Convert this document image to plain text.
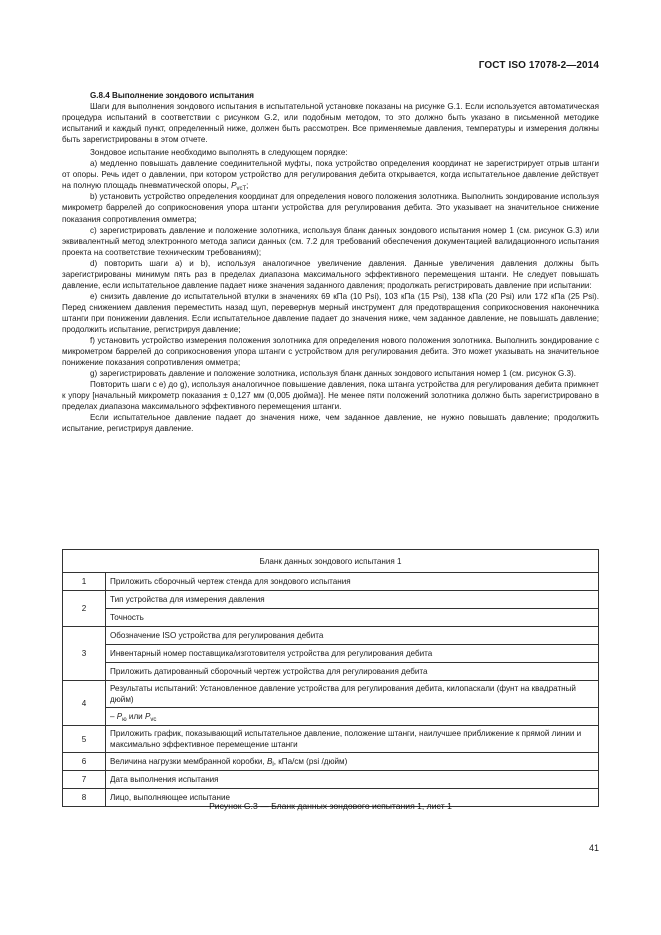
ГОСТ ISO 17078-2—2014

G.8.4 Выполнение зондового испытания

Шаги для выполнения зондового испытания в испытательной установке показаны на рисунке G.1. Если используется автоматическая процедура испытаний в соответствии с рисунком G.2, или подобным методом, то это должно быть указано в письменной методике испытаний и каждый пункт, определенный ниже, должен быть рассмотрен. Все применяемые давления, температуры и измерения должны быть зарегистрированы в этом отчете.

Зондовое испытание необходимо выполнять в следующем порядке:

а) медленно повышать давление соединительной муфты, пока устройство определения координат не зарегистрирует отрыв штанги от опоры. Речь идет о давлении, при котором устройство для регулирования дебита открывается, когда испытательное давление действует на полную площадь пневматической опоры, $P_{vcT}$;

b) установить устройство определения координат для определения нового положения золотника. Выполнить зондирование используя микрометр баррелей до соприкосновения упора штанги устройства для регулирования дебита. Это указывает на значительное снижение показания сопротивления омметра;

с) зарегистрировать давление и положение золотника, используя бланк данных зондового испытания номер 1 (см. рисунок G.3) или эквивалентный метод электронного метода записи данных (см. 7.2 для требований обеспечения документацией валидационного испытания проекта на соответствие техническим требованиям);

d) повторить шаги а) и b), используя аналогичное увеличение давления. Данные увеличения давления должны быть зарегистрированы минимум пять раз в пределах диапазона максимального эффективного перемещения штанги. Не следует повышать давление, если испытательное давление падает ниже значения заданного давления; продолжать регистрировать давление при испытании:

е) снизить давление до испытательной втулки в значениях 69 кПа (10 Psi), 103 кПа (15 Psi), 138 кПа (20 Psi) или 172 кПа (25 Psi). Перед снижением давления переместить назад щуп, перевернув мерный инструмент для предотвращения соприкосновения наконечника штанги при понижении давления. Если испытательное давление падает до значения ниже, чем заданное давление, не повышать давление; продолжить испытание, регистрируя давление;

f) установить устройство измерения положения золотника для определения нового положения золотника. Выполнить зондирование с микрометром баррелей до соприкосновения упора штанги с устройством для регулирования дебита. Это может указывать на значительное понижение показания сопротивления омметра;

g) зарегистрировать давление и положение золотника, используя бланк данных зондового испытания номер 1 (см. рисунок G.3).

Повторить шаги с е) до g), используя аналогичное повышение давления, пока штанга устройства для регулирования дебита примкнет к упору [начальный микрометр показания ± 0,127 мм (0,005 дюйма)]. Не менее пяти положений золотника должно быть зарегистрировано в пределах диапазона максимального эффективного перемещения штанги.

Если испытательное давление падает до значения ниже, чем заданное давление, не нужно повышать давление; продолжить испытание, регистрируя давление.

Бланк данных зондового испытания 1	
1	Приложить сборочный чертеж стенда для зондового испытания
2	Тип устройства для измерения давления
	Точность
3	Обозначение ISO устройства для регулирования дебита
	Инвентарный номер поставщика/изготовителя устройства для регулирования дебита
	Приложить датированный сборочный чертеж устройства для регулирования дебита
4	Результаты испытаний: Установленное давление устройства для регулирования дебита, килопаскали (фунт на квадратный дюйм)
	– $P_ю$ или $P_{vc}$
5	Приложить график, показывающий испытательное давление, положение штанги, наилучшее приближение к прямой линии и максимально эффективное перемещение штанги
6	Величина нагрузки мембранной коробки, $B_l$, кПа/см (psi /дюйм)
7	Дата выполнения испытания
8	Лицо, выполняющее испытание
Рисунок G.3 — Бланк данных зондового испытания 1, лист 1
41
